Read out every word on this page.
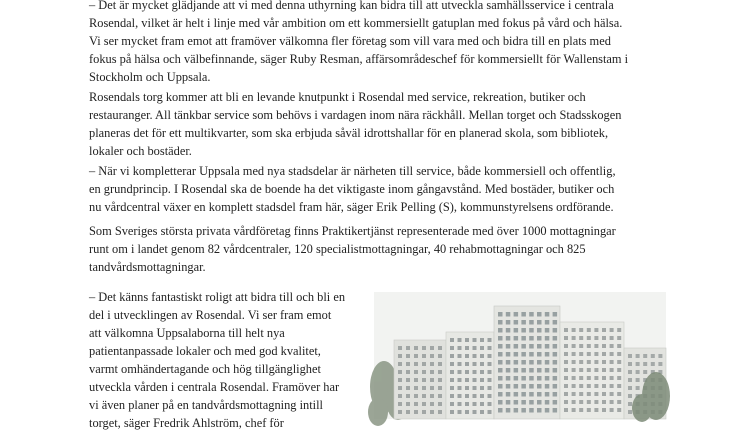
– Det är mycket glädjande att vi med denna uthyrning kan bidra till att utveckla samhällsservice i centrala
Rosendal, vilket är helt i linje med vår ambition om ett kommersiellt gatuplan med fokus på vård och hälsa.
Vi ser mycket fram emot att framöver välkomna fler företag som vill vara med och bidra till en plats med
fokus på hälsa och välbefinnande, säger Ruby Resman, affärsområdeschef för kommersiellt för Wallenstam i
Stockholm och Uppsala.

Rosendals torg kommer att bli en levande knutpunkt i Rosendal med service, rekreation, butiker och
restauranger. All tänkbar service som behövs i vardagen inom nära räckhåll. Mellan torget och Stadsskogen
planeras det för ett multikvarter, som ska erbjuda såväl idrottshallar för en planerad skola, som bibliotek,
lokaler och bostäder.

– När vi kompletterar Uppsala med nya stadsdelar är närheten till service, både kommersiell och offentlig,
en grundprincip. I Rosendal ska de boende ha det viktigaste inom gångavstånd. Med bostäder, butiker och
nu vårdcentral växer en komplett stadsdel fram här, säger Erik Pelling (S), kommunstyrelsens ordförande.

Som Sveriges största privata vårdföretag finns Praktikertjänst representerade med över 1000 mottagningar
runt om i landet genom 82 vårdcentraler, 120 specialistmottagningar, 40 rehabmottagningar och 825
tandvårdsmottagningar.

– Det känns fantastiskt roligt att bidra till och bli en
del i utvecklingen av Rosendal. Vi ser fram emot
att välkomna Uppsalaborna till helt nya
patientanpassade lokaler och med god kvalitet,
varmt omhändertagande och hög tillgänglighet
utveckla vården i centrala Rosendal. Framöver har
vi även planer på en tandvårdsmottagning intill
torget, säger Fredrik Ahlström, chef för
